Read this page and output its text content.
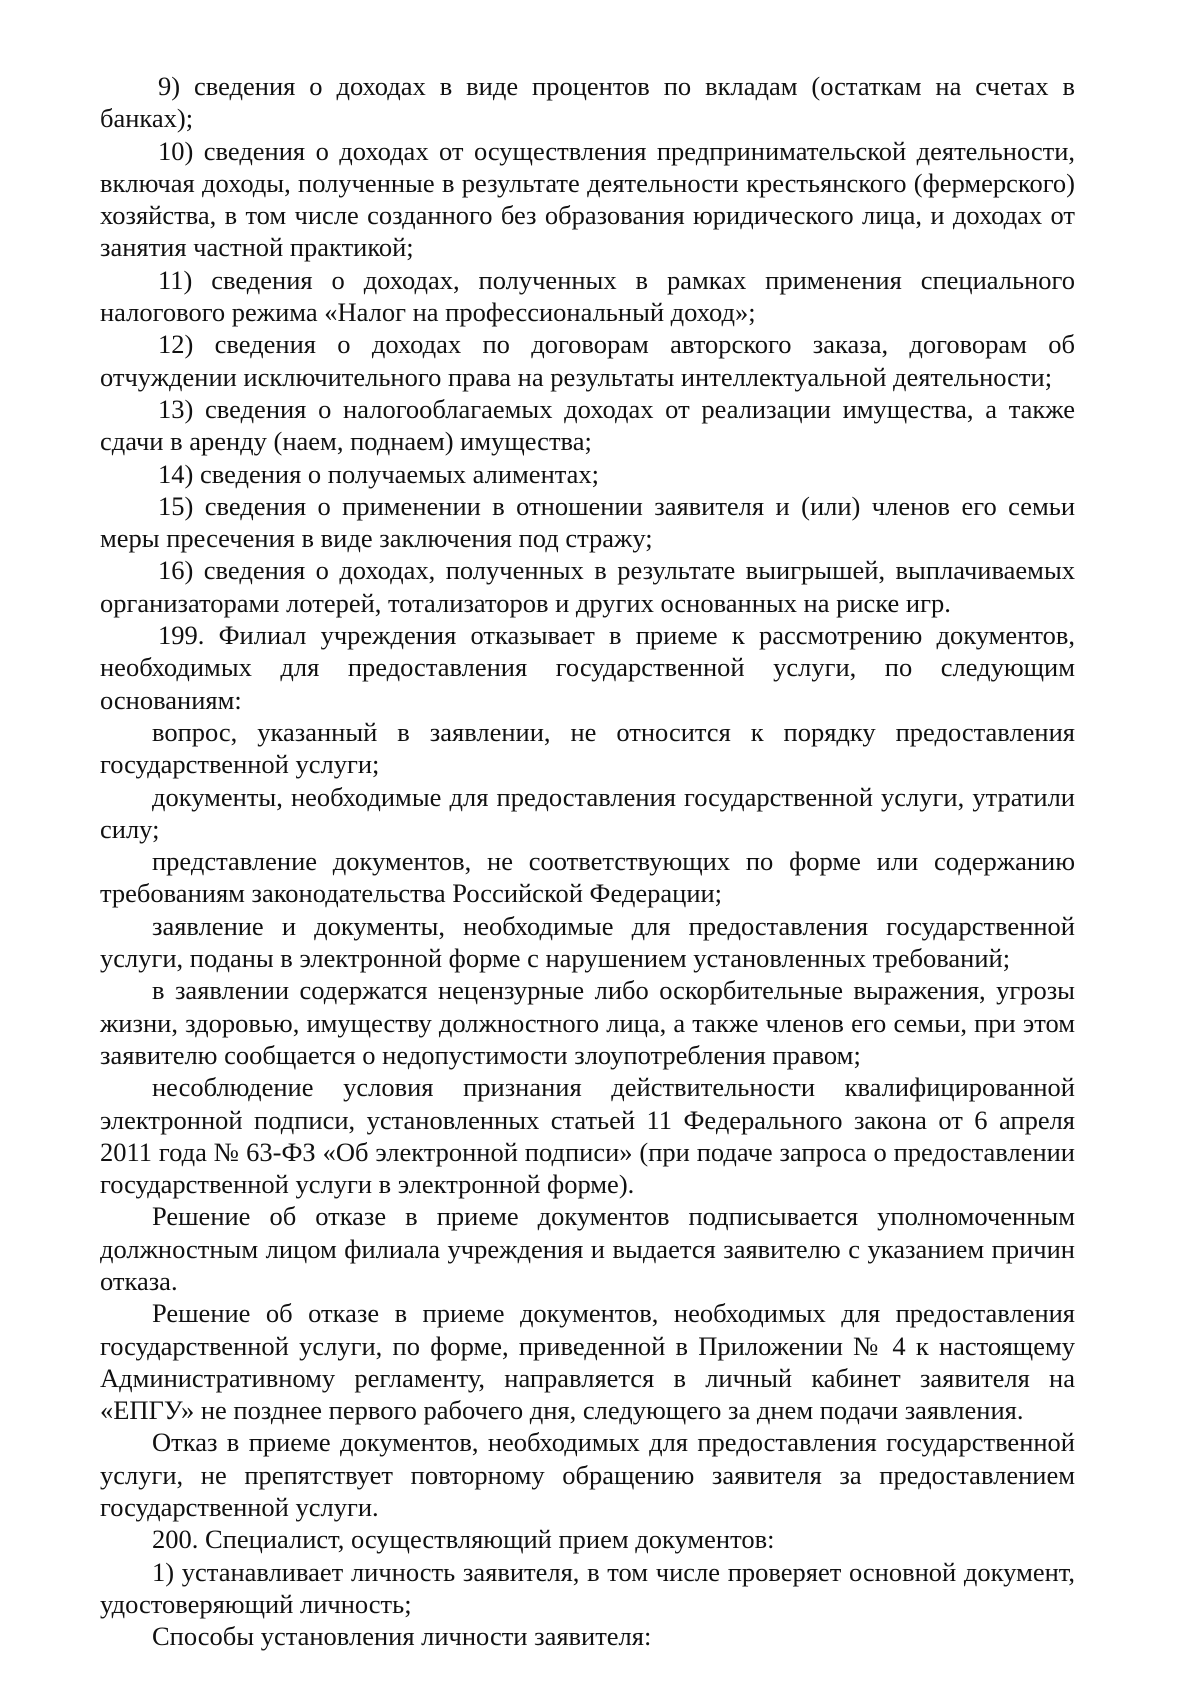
9) сведения о доходах в виде процентов по вкладам (остаткам на счетах в банках);

10) сведения о доходах от осуществления предпринимательской деятельности, включая доходы, полученные в результате деятельности крестьянского (фермерского) хозяйства, в том числе созданного без образования юридического лица, и доходах от занятия частной практикой;

11) сведения о доходах, полученных в рамках применения специального налогового режима «Налог на профессиональный доход»;

12) сведения о доходах по договорам авторского заказа, договорам об отчуждении исключительного права на результаты интеллектуальной деятельности;

13) сведения о налогооблагаемых доходах от реализации имущества, а также сдачи в аренду (наем, поднаем) имущества;

14) сведения о получаемых алиментах;

15) сведения о применении в отношении заявителя и (или) членов его семьи меры пресечения в виде заключения под стражу;

16) сведения о доходах, полученных в результате выигрышей, выплачиваемых организаторами лотерей, тотализаторов и других основанных на риске игр.

199. Филиал учреждения отказывает в приеме к рассмотрению документов, необходимых для предоставления государственной услуги, по следующим основаниям:

вопрос, указанный в заявлении, не относится к порядку предоставления государственной услуги;

документы, необходимые для предоставления государственной услуги, утратили силу;

представление документов, не соответствующих по форме или содержанию требованиям законодательства Российской Федерации;

заявление и документы, необходимые для предоставления государственной услуги, поданы в электронной форме с нарушением установленных требований;

в заявлении содержатся нецензурные либо оскорбительные выражения, угрозы жизни, здоровью, имуществу должностного лица, а также членов его семьи, при этом заявителю сообщается о недопустимости злоупотребления правом;

несоблюдение условия признания действительности квалифицированной электронной подписи, установленных статьей 11 Федерального закона от 6 апреля 2011 года № 63-ФЗ «Об электронной подписи» (при подаче запроса о предоставлении государственной услуги в электронной форме).

Решение об отказе в приеме документов подписывается уполномоченным должностным лицом филиала учреждения и выдается заявителю с указанием причин отказа.

Решение об отказе в приеме документов, необходимых для предоставления государственной услуги, по форме, приведенной в Приложении № 4 к настоящему Административному регламенту, направляется в личный кабинет заявителя на «ЕПГУ» не позднее первого рабочего дня, следующего за днем подачи заявления.

Отказ в приеме документов, необходимых для предоставления государственной услуги, не препятствует повторному обращению заявителя за предоставлением государственной услуги.

200. Специалист, осуществляющий прием документов:

1) устанавливает личность заявителя, в том числе проверяет основной документ, удостоверяющий личность;

Способы установления личности заявителя:
